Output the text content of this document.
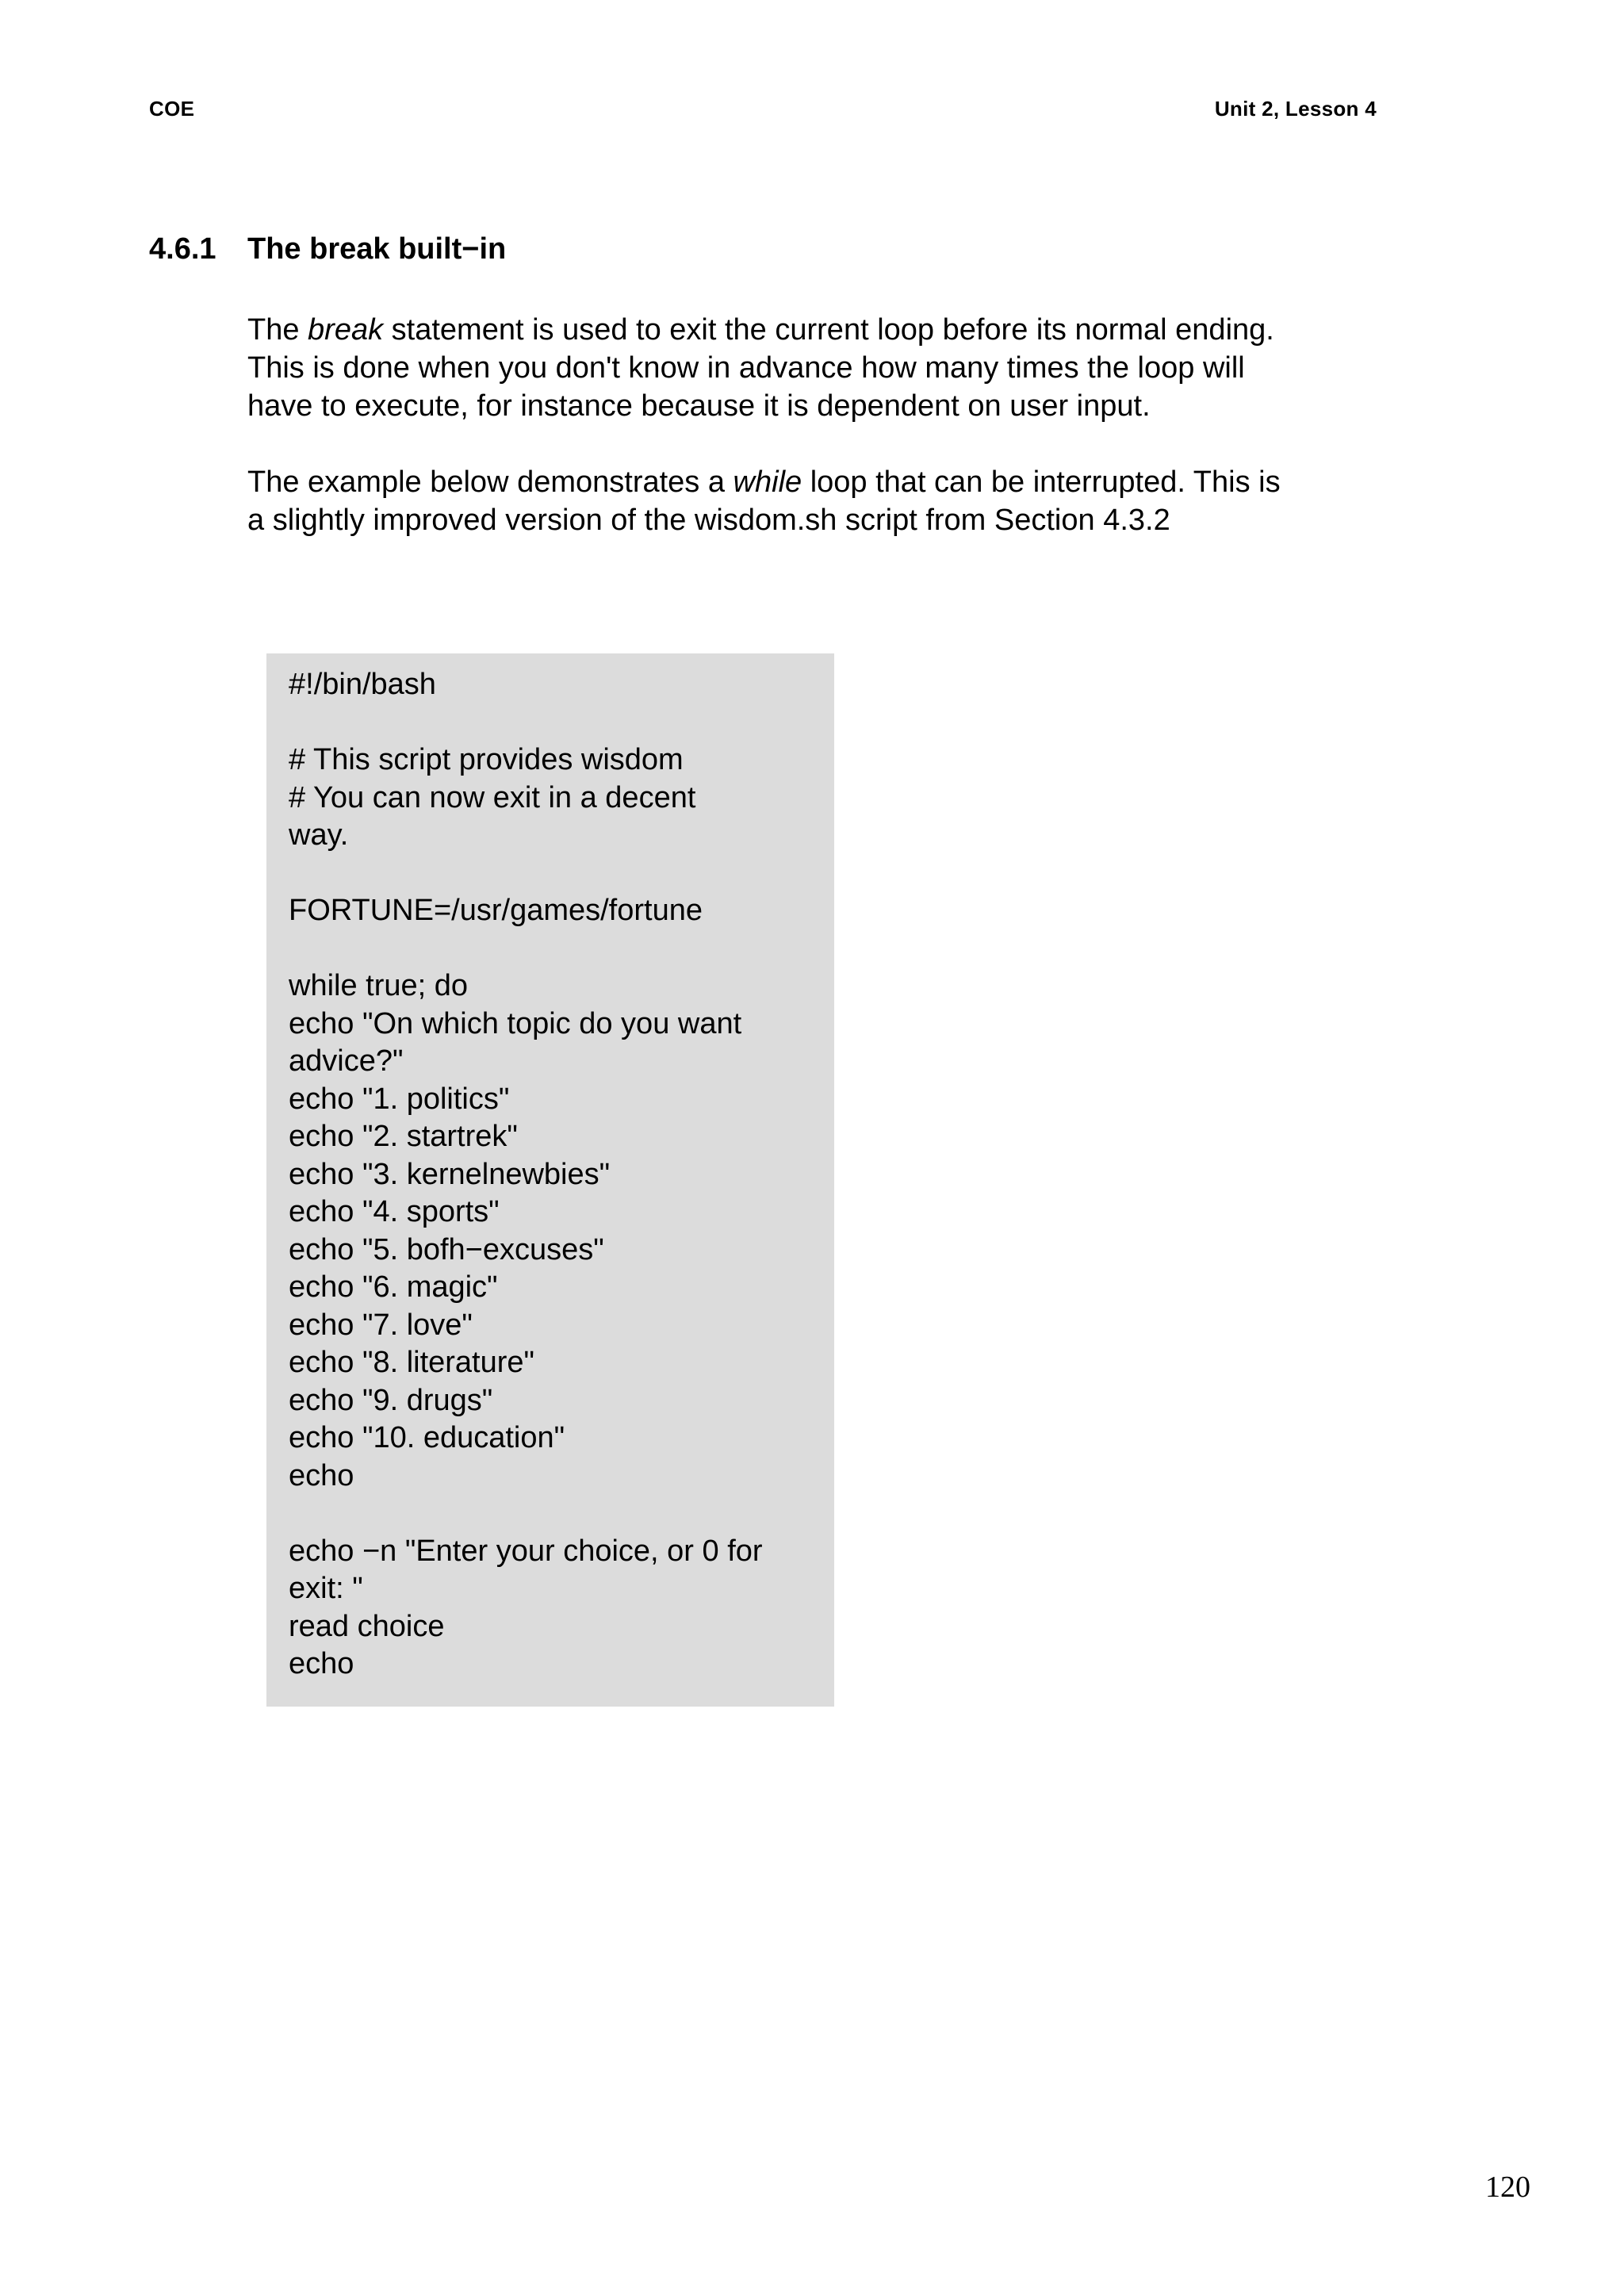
COE	Unit 2, Lesson 4
4.6.1 The break built−in
The break statement is used to exit the current loop before its normal ending.
This is done when you don't know in advance how many times the loop will
have to execute, for instance because it is dependent on user input.
The example below demonstrates a while loop that can be interrupted. This is
a slightly improved version of the wisdom.sh script from Section 4.3.2
#!/bin/bash
# This script provides wisdom
# You can now exit in a decent
way.
FORTUNE=/usr/games/fortune
while true; do
echo "On which topic do you want
advice?"
echo "1. politics"
echo "2. startrek"
echo "3. kernelnewbies"
echo "4. sports"
echo "5. bofh−excuses"
echo "6. magic"
echo "7. love"
echo "8. literature"
echo "9. drugs"
echo "10. education"
echo
echo −n "Enter your choice, or 0 for
exit: "
read choice
echo
120
